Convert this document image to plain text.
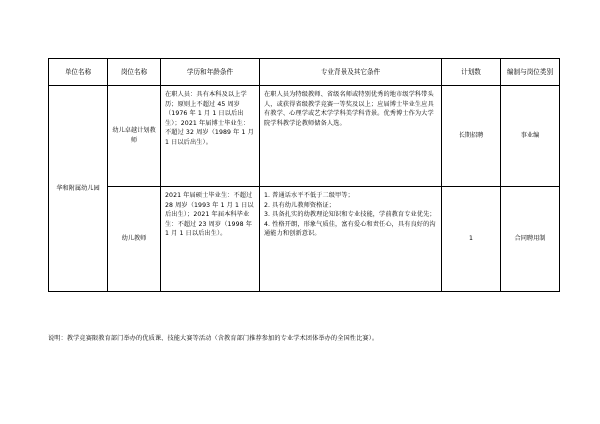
单位名称	岗位名称	学历和年龄条件	专业背景及其它条件	计划数	编制与岗位类别
华和附属幼儿园	幼儿卓越计划教师	在职人员：具有本科及以上学历；原则上不超过 45 周岁（1976 年 1 月 1 日以后出生）；2021 年届博士毕业生：不超过 32 周岁（1989 年 1 月 1 日以后出生）。	在职人员为特级教师、省级名师或特别优秀的地市级学科带头人，或获得省级教学竞赛一等奖及以上；应届博士毕业生应具有教学、心理学或艺术学学科美学科背景。优秀博士作为大学院学科教学论教师储备人选。	长期招聘	事业编
	幼儿教师	2021 年届硕士毕业生：不超过 28 周岁（1993 年 1 月 1 日以后出生）；2021 年届本科毕业生：不超过 23 周岁（1998 年 1 月 1 日以后出生）。	1. 普通话水平不低于二级甲等；
2. 具有幼儿教师资格证；
3. 具备扎实的幼教理论知识和专业技能，学前教育专业优先；
4. 性格开朗，形象气质佳，富有爱心和责任心，具有良好的沟通能力和创新意识。	1	合同聘用制
说明：教学竞赛限教育部门举办的优质课、技能大赛等活动（含教育部门推荐参加的专业学术团体举办的全国性比赛）。
